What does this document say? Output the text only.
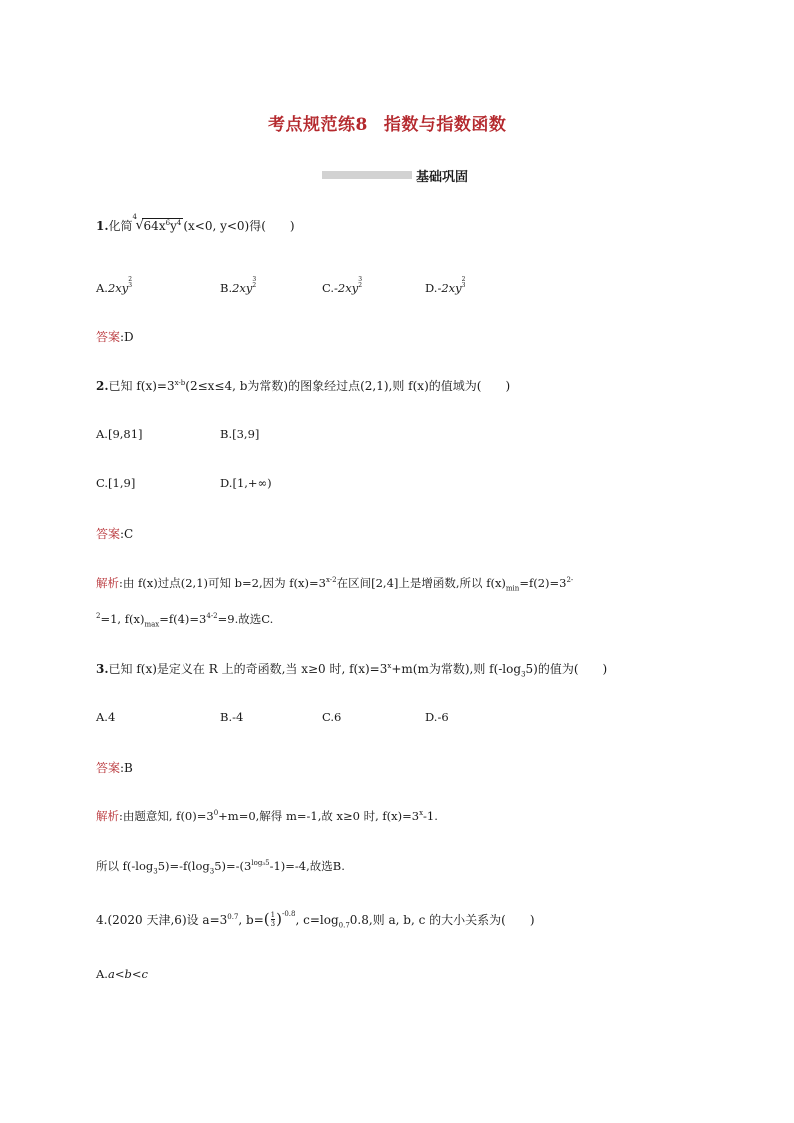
考点规范练8 指数与指数函数
基础巩固
1.化简
4
√ $64x^6y^4$ (x<0, y<0)得( )
A.2xy2
3	B.2xy3
2	C.-2xy3
2	D.-2xy2
3
答案:D
2.已知 $f(x)=3^{x-b}(2\le x\le 4$, b为常数)的图象经过点(2,1),则 f(x)的值域为( )
A.[9,81]	B.[3,9]
C.[1,9]	D.[1,+∞)
答案:C
解析:由 f(x)过点(2,1)可知 b=2,因为 $f(x)=3^{x-2}$在区间[2,4]上是增函数,所以 $f(x)_{min}=f(2)=3^{2-}$
$^2$=1, $f(x)_{max}=f(4)=3^{4-2}=9$.故选C.
3.已知 f(x)是定义在 R 上的奇函数,当 x≥0 时, $f(x)=3^x+m(m$为常数),则 $f(-\log_35)$的值为( )
A.4	B.-4	C.6	D.-6
答案:B
解析:由题意知, $f(0)=3^0+m=0$,解得 m=-1,故 x≥0 时, $f(x)=3^x-1$.
所以 $f(-\log_35)=-f(\log_35)=-(3^{log_35}-1)=-4$,故选B.
4.(2020 天津,6)设 $a=3^{0.7}$, b= ( $\frac{1}{3}$ ) $^{-0.8}$, $c=\log_{0.7}0.8$,则 a, b, c 的大小关系为( )
A.a<b<c
